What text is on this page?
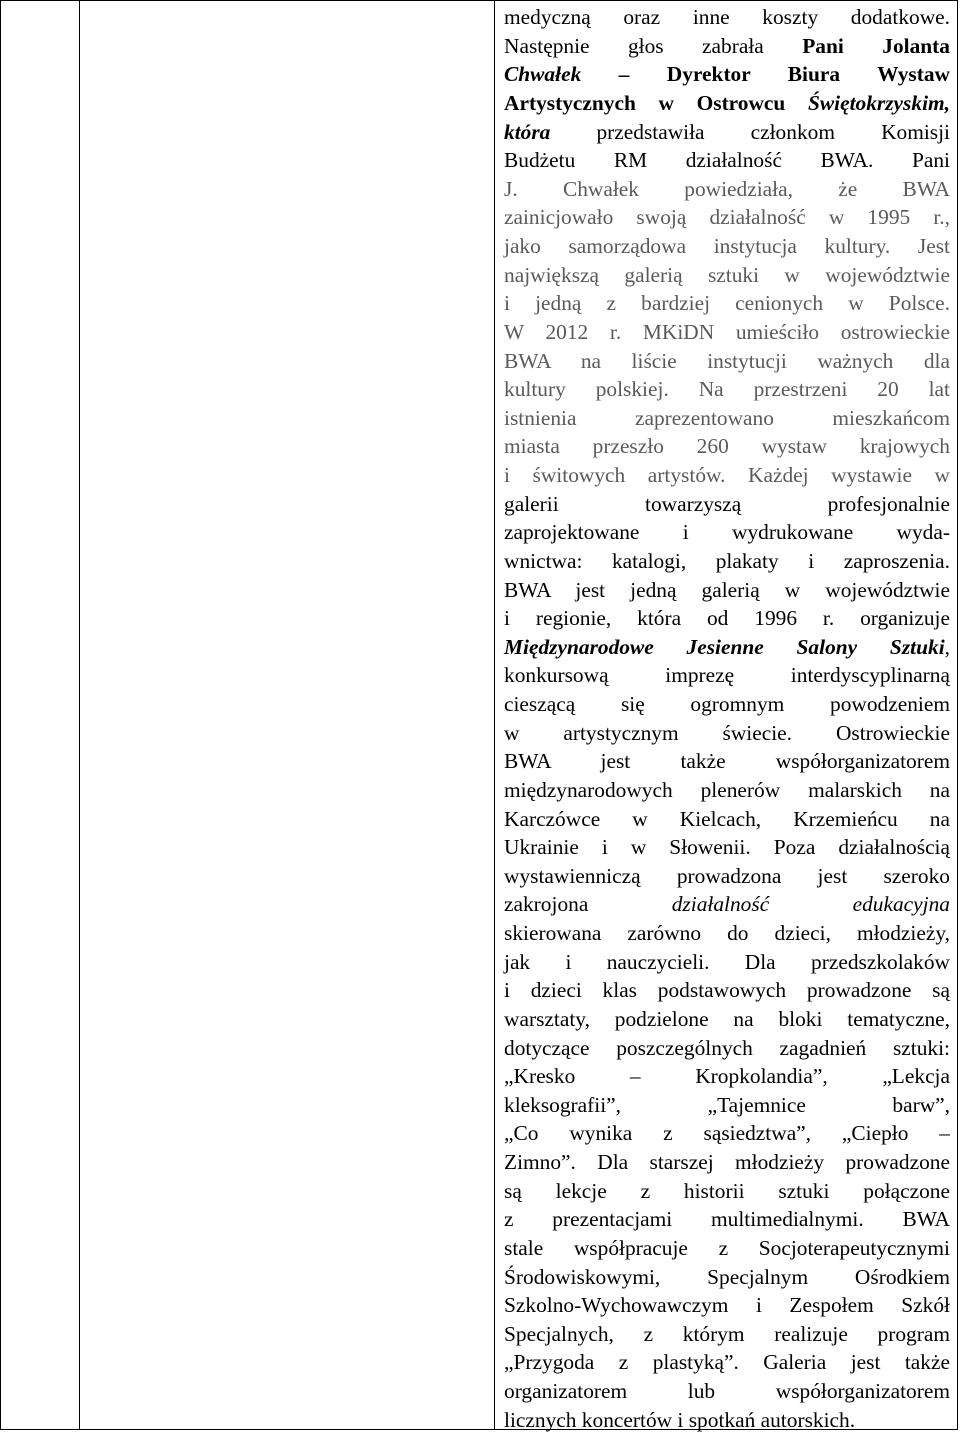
medyczną oraz inne koszty dodatkowe.
Następnie głos zabrała Pani Jolanta
Chwałek – Dyrektor Biura Wystaw
Artystycznych w Ostrowcu Świętokrzyskim,
która przedstawiła członkom Komisji
Budżetu RM działalność BWA. Pani
J. Chwałek powiedziała, że BWA
zainicjowało swoją działalność w 1995 r.,
jako samorządowa instytucja kultury. Jest
największą galerią sztuki w województwie
i jedną z bardziej cenionych w Polsce.
W 2012 r. MKiDN umieściło ostrowieckie
BWA na liście instytucji ważnych dla
kultury polskiej. Na przestrzeni 20 lat
istnienia zaprezentowano mieszkańcom
miasta przeszło 260 wystaw krajowych
i świtowych artystów. Każdej wystawie w
galerii towarzyszą profesjonalnie
zaprojektowane i wydrukowane wyda-
wnictwa: katalogi, plakaty i zaproszenia.
BWA jest jedną galerią w województwie
i regionie, która od 1996 r. organizuje
Międzynarodowe Jesienne Salony Sztuki,
konkursową imprezę interdyscyplinarną
cieszącą się ogromnym powodzeniem
w artystycznym świecie. Ostrowieckie
BWA jest także współorganizatorem
międzynarodowych plenerów malarskich na
Karczówce w Kielcach, Krzemieńcu na
Ukrainie i w Słowenii. Poza działalnością
wystawienniczą prowadzona jest szeroko
zakrojona działalność edukacyjna
skierowana zarówno do dzieci, młodzieży,
jak i nauczycieli. Dla przedszkolaków
i dzieci klas podstawowych prowadzone są
warsztaty, podzielone na bloki tematyczne,
dotyczące poszczególnych zagadnień sztuki:
„Kresko – Kropkolandia”, „Lekcja
kleksografii”, „Tajemnice barw”,
„Co wynika z sąsiedztwa”, „Ciepło –
Zimno”. Dla starszej młodzieży prowadzone
są lekcje z historii sztuki połączone
z prezentacjami multimedialnymi. BWA
stale współpracuje z Socjoterapeutycznymi
Środowiskowymi, Specjalnym Ośrodkiem
Szkolno-Wychowawczym i Zespołem Szkół
Specjalnych, z którym realizuje program
„Przygoda z plastyką”. Galeria jest także
organizatorem lub współorganizatorem
licznych koncertów i spotkań autorskich.
